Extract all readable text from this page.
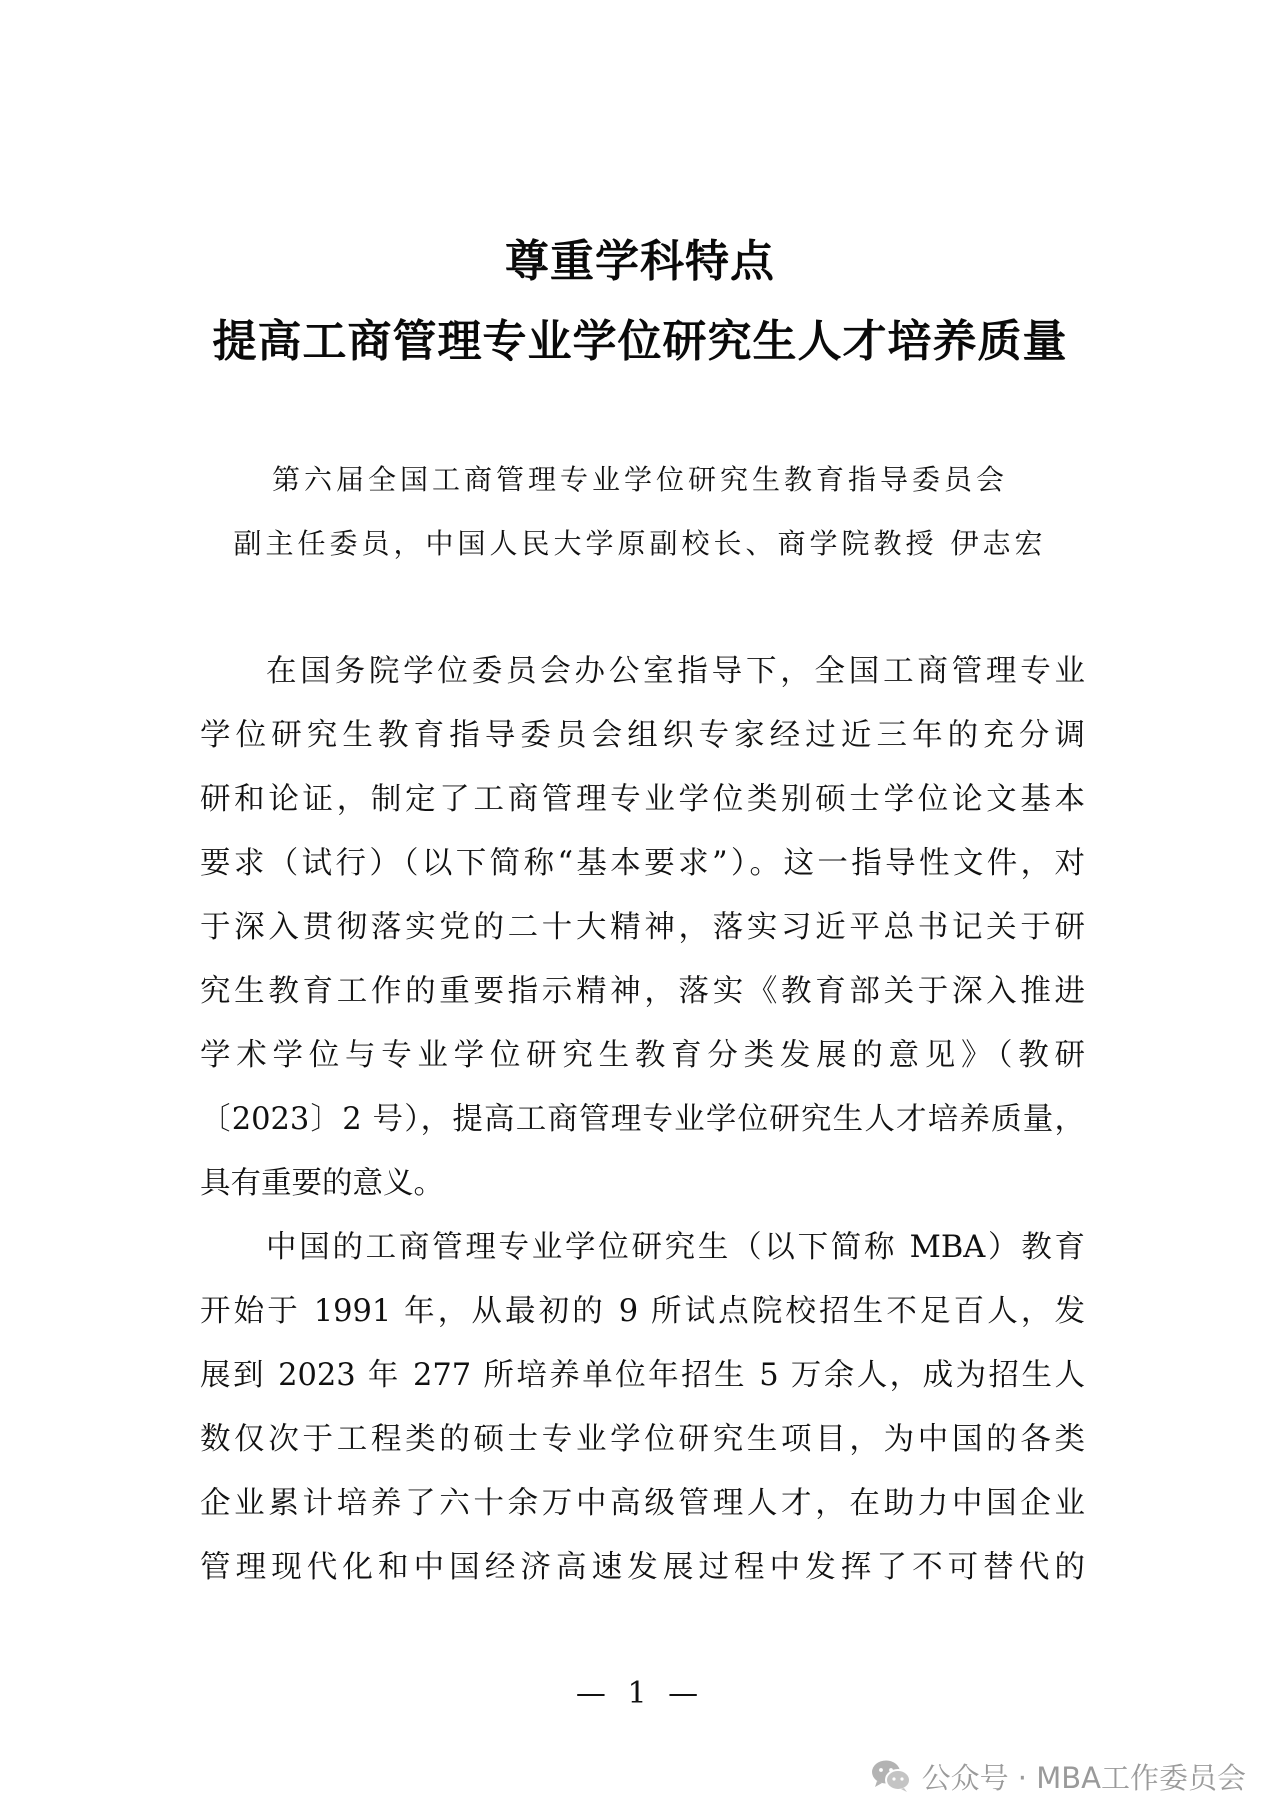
尊重学科特点
提高工商管理专业学位研究生人才培养质量
第六届全国工商管理专业学位研究生教育指导委员会
副主任委员，中国人民大学原副校长、商学院教授 伊志宏
在国务院学位委员会办公室指导下，全国工商管理专业
学位研究生教育指导委员会组织专家经过近三年的充分调
研和论证，制定了工商管理专业学位类别硕士学位论文基本
要求（试行）（以下简称“基本要求”）。这一指导性文件，对
于深入贯彻落实党的二十大精神，落实习近平总书记关于研
究生教育工作的重要指示精神，落实《教育部关于深入推进
学术学位与专业学位研究生教育分类发展的意见》（教研
〔2023〕2 号），提高工商管理专业学位研究生人才培养质量，
具有重要的意义。
中国的工商管理专业学位研究生（以下简称 MBA）教育
开始于 1991 年，从最初的 9 所试点院校招生不足百人，发
展到 2023 年 277 所培养单位年招生 5 万余人，成为招生人
数仅次于工程类的硕士专业学位研究生项目，为中国的各类
企业累计培养了六十余万中高级管理人才，在助力中国企业
管理现代化和中国经济高速发展过程中发挥了不可替代的
— 1 —
公众号 · MBA工作委员会
